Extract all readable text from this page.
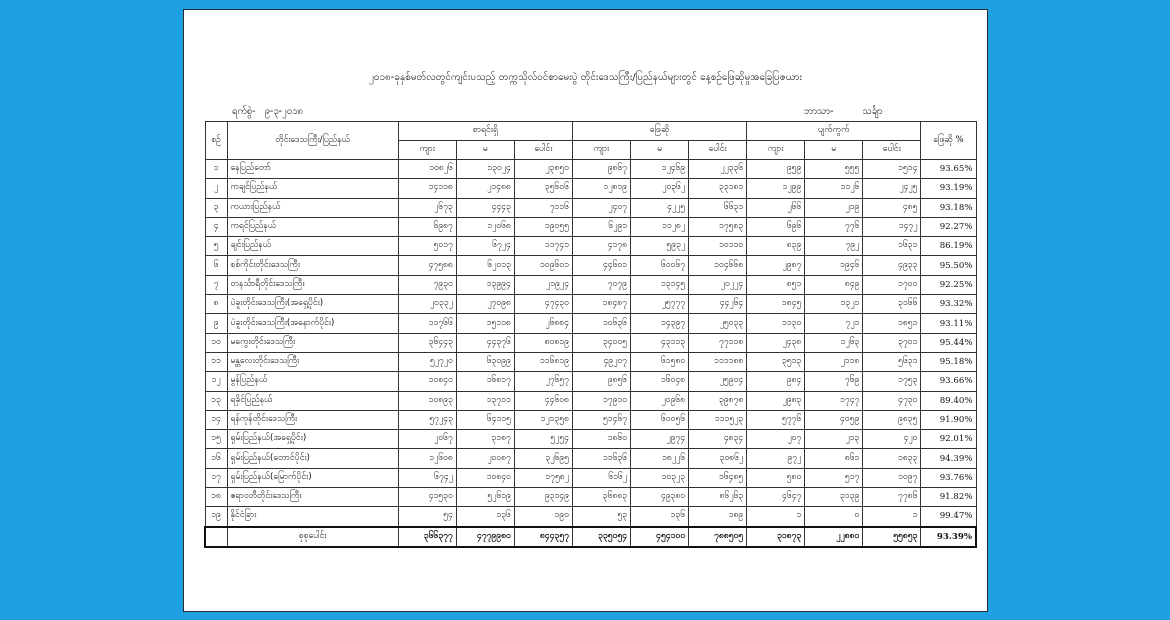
၂၀၁၈-ခုနှစ်မတ်လတွင်ကျင်းပသည့် တက္ကသိုလ်ဝင်စာမေးပွဲ တိုင်းဒေသကြီး/ပြည်နယ်များတွင် နေ့စဉ်ဖြေဆိုမှုအခြေပြဇယား
ရက်စွဲ- ၉-၃-၂၀၁၈	ဘာသာ-	သင်္ချာ
စဉ်	တိုင်းဒေသကြီး/ပြည်နယ်	စာရင်းရှိ			ဖြေဆို			ပျက်ကွက်			ဖြေဆို %
		ကျား	မ	ပေါင်း	ကျား	မ	ပေါင်း	ကျား	မ	ပေါင်း	
၁	နေပြည်တော်	၁၀၈၂၆	၁၃၀၂၄	၂၃၈၅၀	၉၈၆၇	၁၂၄၆၉	၂၂၃၃၆	၉၅၉	၅၅၅	၁၅၁၄	93.65%
၂	ကချင်ပြည်နယ်	၁၄၁၁၈	၂၁၄၈၈	၃၅၆၀၆	၁၂၈၁၉	၂၀၃၆၂	၃၃၁၈၁	၁၂၉၉	၁၁၂၆	၂၄၂၅	93.19%
၃	ကယားပြည်နယ်	၂၆၇၃	၄၄၄၃	၇၁၁၆	၂၄၀၇	၄၂၂၅	၆၆၃၁	၂၆၆	၂၁၉	၄၈၅	93.18%
၄	ကရင်ပြည်နယ်	၆၉၈၇	၁၂၀၆၈	၁၉၀၅၅	၆၂၉၁	၁၁၂၈၂	၁၇၅၈၃	၆၉၆	၇၇၆	၁၄၇၂	92.27%
၅	ချင်းပြည်နယ်	၅၀၁၇	၆၇၂၄	၁၁၇၄၁	၄၁၇၈	၅၉၃၂	၁၀၁၁၀	၈၃၉	၇၉၂	၁၆၃၁	86.19%
၆	စစ်ကိုင်းတိုင်းဒေသကြီး	၄၇၅၈၈	၆၂၀၁၃	၁၀၉၆၀၁	၄၄၆၀၁	၆၀၀၆၇	၁၀၄၆၆၈	၂၉၈၇	၁၉၄၆	၄၉၃၃	95.50%
၇	တနင်္သာရီတိုင်းဒေသကြီး	၇၉၃၀	၁၃၉၉၄	၂၁၉၂၄	၇၀၇၉	၁၃၁၄၅	၂၀၂၂၄	၈၅၁	၈၄၉	၁၇၀၀	92.25%
၈	ပဲခူးတိုင်းဒေသကြီး(အရှေ့ပိုင်း)	၂၀၃၃၂	၂၇၀၉၈	၄၇၄၃၀	၁၈၄၈၇	၂၅၇၇၇	၄၄၂၆၄	၁၈၄၅	၁၃၂၁	၃၁၆၆	93.32%
၉	ပဲခူးတိုင်းဒေသကြီး(အနောက်ပိုင်း)	၁၁၇၆၆	၁၅၁၁၈	၂၆၈၈၄	၁၀၆၃၆	၁၄၃၉၇	၂၅၀၃၃	၁၁၃၀	၇၂၁	၁၈၅၁	93.11%
၁၀	မကွေးတိုင်းဒေသကြီး	၃၆၄၄၃	၄၄၃၇၆	၈၀၈၁၉	၃၄၀၀၅	၄၃၁၁၃	၇၇၁၁၈	၂၄၃၈	၁၂၆၃	၃၇၀၁	95.44%
၁၁	မန္တလေးတိုင်းဒေသကြီး	၅၂၇၂၀	၆၃၀၉၉	၁၁၆၈၁၉	၄၉၂၀၇	၆၁၅၈၀	၁၁၁၁၈၈	၃၅၁၃	၂၁၁၈	၅၆၃၁	95.18%
၁၂	မွန်ပြည်နယ်	၁၀၈၄၀	၁၆၈၁၇	၂၇၆၅၇	၉၈၅၆	၁၆၀၄၈	၂၅၉၀၄	၉၈၄	၇၆၉	၁၇၅၃	93.66%
၁၃	ရခိုင်ပြည်နယ်	၁၀၈၉၃	၁၃၇၁၁	၄၄၆၀၈	၁၇၉၁၀	၂၀၉၆၈	၃၉၈၇၈	၂၉၈၃	၁၇၄၇	၄၇၃၀	89.40%
၁၄	ရန်ကုန်တိုင်းဒေသကြီး	၅၇၂၄၃	၆၄၁၁၅	၁၂၁၃၅၈	၅၁၄၆၇	၆၀၀၅၆	၁၁၁၅၂၃	၅၇၇၆	၄၀၅၉	၉၈၃၅	91.90%
၁၅	ရှမ်းပြည်နယ်(အရှေ့ပိုင်း)	၂၀၆၇	၃၁၈၇	၅၂၅၄	၁၈၆၀	၂၉၇၄	၄၈၃၄	၂၀၇	၂၁၃	၄၂၀	92.01%
၁၆	ရှမ်းပြည်နယ်(တောင်ပိုင်း)	၁၂၆၀၈	၂၀၀၈၇	၃၂၆၉၅	၁၁၆၃၆	၁၈၂၂၆	၃၀၈၆၂	၉၇၂	၈၆၁	၁၈၃၃	94.39%
၁၇	ရှမ်းပြည်နယ်(မြောက်ပိုင်း)	၆၇၄၂	၁၀၈၄၀	၁၇၅၈၂	၆၁၆၂	၁၀၃၂၃	၁၆၄၈၅	၅၈၀	၅၁၇	၁၀၉၇	93.76%
၁၈	ဧရာဝတီတိုင်းဒေသကြီး	၄၁၅၃၀	၅၂၆၁၉	၉၃၁၄၉	၃၆၈၈၃	၄၉၃၈၀	၈၆၂၆၃	၄၆၄၇	၃၁၃၉	၇၇၈၆	91.82%
၁၉	နိုင်ငံခြား	၅၄	၁၃၆	၁၉၀	၅၃	၁၃၆	၁၈၉	၁	၀	၁	99.47%
	စုစုပေါင်း	၃၆၆၃၇၇	၄၇၇၉၉၈၀	၈၄၄၃၅၇	၃၃၅၀၅၄	၄၅၄၁၀၀	၇၈၈၅၀၅	၃၁၈၇၃	၂၂၈၈၀	၅၅၈၅၃	93.39%
